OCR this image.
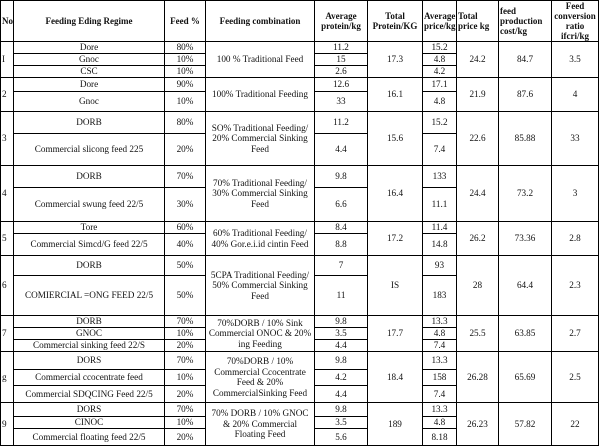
No	Feeding Eding Regime	Feed %	Feeding combination	Average protein/kg	Total Protein/KG	Average price/kg	Total price kg	feed production cost/kg	Feed conversion ratio ifcri/kg
I	Dore	80%	100 % Traditional Feed	11.2	17.3	15.2	24.2	84.7	3.5
	Gnoc	10%		15		4.8			
	CSC	10%		2.6		4.2			
2	Dore	90%	100% Traditional Feeding	12.6	16.1	17.1	21.9	87.6	4
	Gnoc	10%		33		4.8			
3	DORB	80%	SO% Traditional Feeding/ 20% Commercial Sinking Feed	11.2	15.6	15.2	22.6	85.88	33
	Commercial slicong feed 225	20%		4.4		7.4			
4	DORB	70%	70% Traditional Feeding/ 30% Commercial Sinking Feed	9.8	16.4	133	24.4	73.2	3
	Commercial swung feed 22/5	30%		6.6		11.1			
5	Tore	60%	60% Traditional Feeding/ 40% Gor.e.i.id cintin Feed	8.4	17.2	11.4	26.2	73.36	2.8
	Commercial Simcd/G feed 22/5	40%		8.8		14.8			
6	DORB	50%	5CPA Traditional Feeding/ 50% Commercial Sinking Feed	7	IS	93	28	64.4	2.3
	COMIERCIAL =ONG FEED 22/5	50%		11		183			
7	DORB	70%	70%DORB / 10% Sink Commercial ONOC & 20% ing Feeding	9.8	17.7	13.3	25.5	63.85	2.7
	GNOC	10%		3.5		4.8			
	Commercial sinking feed 22/S	20%		4.4		7.4			
g	DORS	70%	70%DORB / 10% Commercial Ccocentrate Feed & 20% CommercialSinking Feed	9.8	18.4	13.3	26.28	65.69	2.5
	Commercial ccocentrate feed	10%		4.2		158			
	Commercial SDQCING Feed 22/5	20%		4.4		7.4			
9	DORS	70%	70% DORB / 10% GNOC & 20% Commercial Floating Feed	9.8	189	13.3	26.23	57.82	22
	CINOC	10%		3.5		4.8			
	Commercial floating feed 22/5	20%		5.6		8.18			
